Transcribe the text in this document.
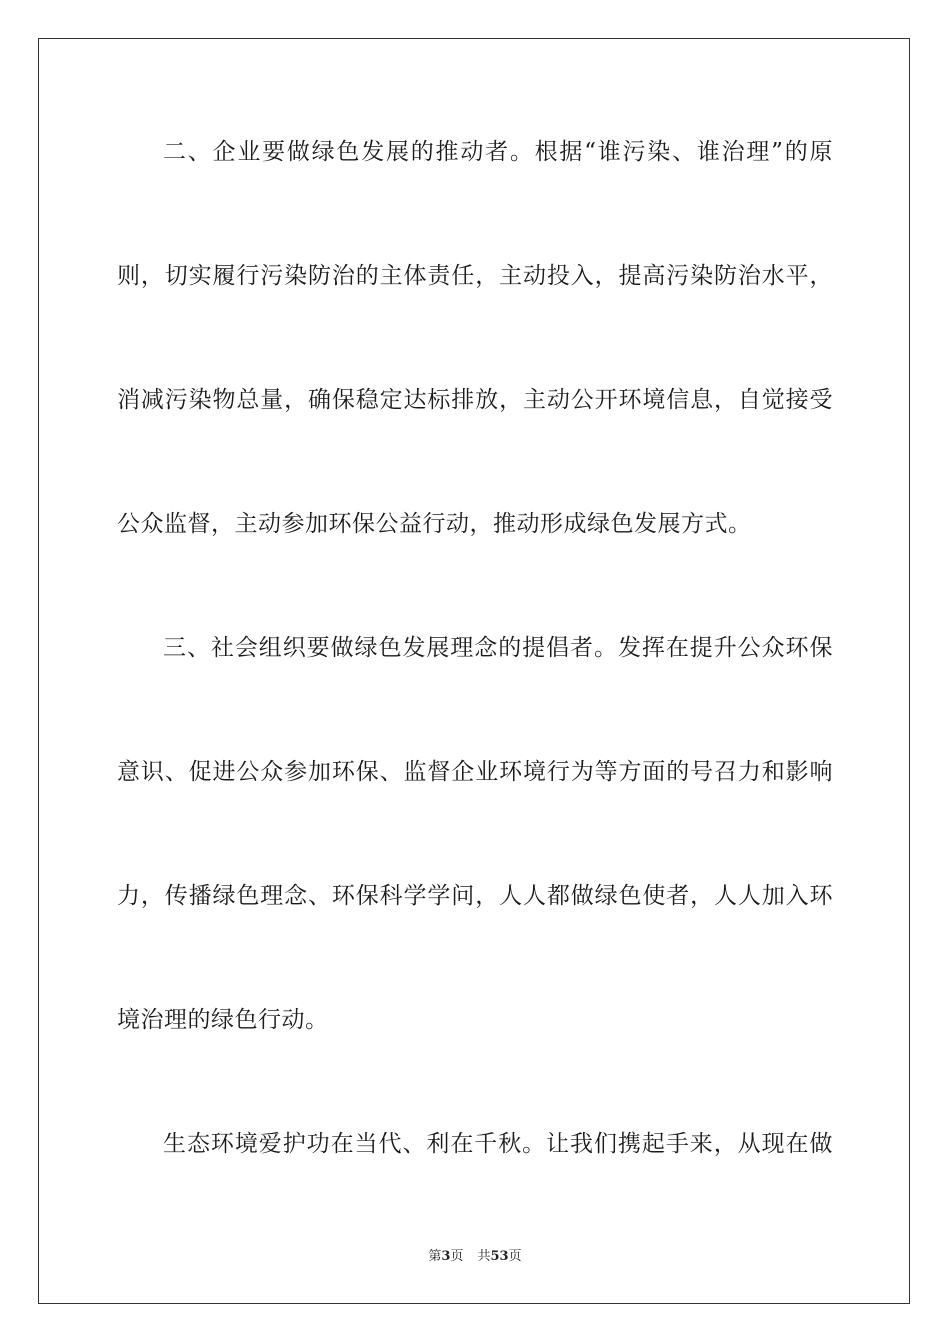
二、企业要做绿色发展的推动者。根据“谁污染、谁治理”的原
则，切实履行污染防治的主体责任，主动投入，提高污染防治水平，
消减污染物总量，确保稳定达标排放，主动公开环境信息，自觉接受
公众监督，主动参加环保公益行动，推动形成绿色发展方式。
三、社会组织要做绿色发展理念的提倡者。发挥在提升公众环保
意识、促进公众参加环保、监督企业环境行为等方面的号召力和影响
力，传播绿色理念、环保科学学问，人人都做绿色使者，人人加入环
境治理的绿色行动。
生态环境爱护功在当代、利在千秋。让我们携起手来，从现在做
第3页 共53页
